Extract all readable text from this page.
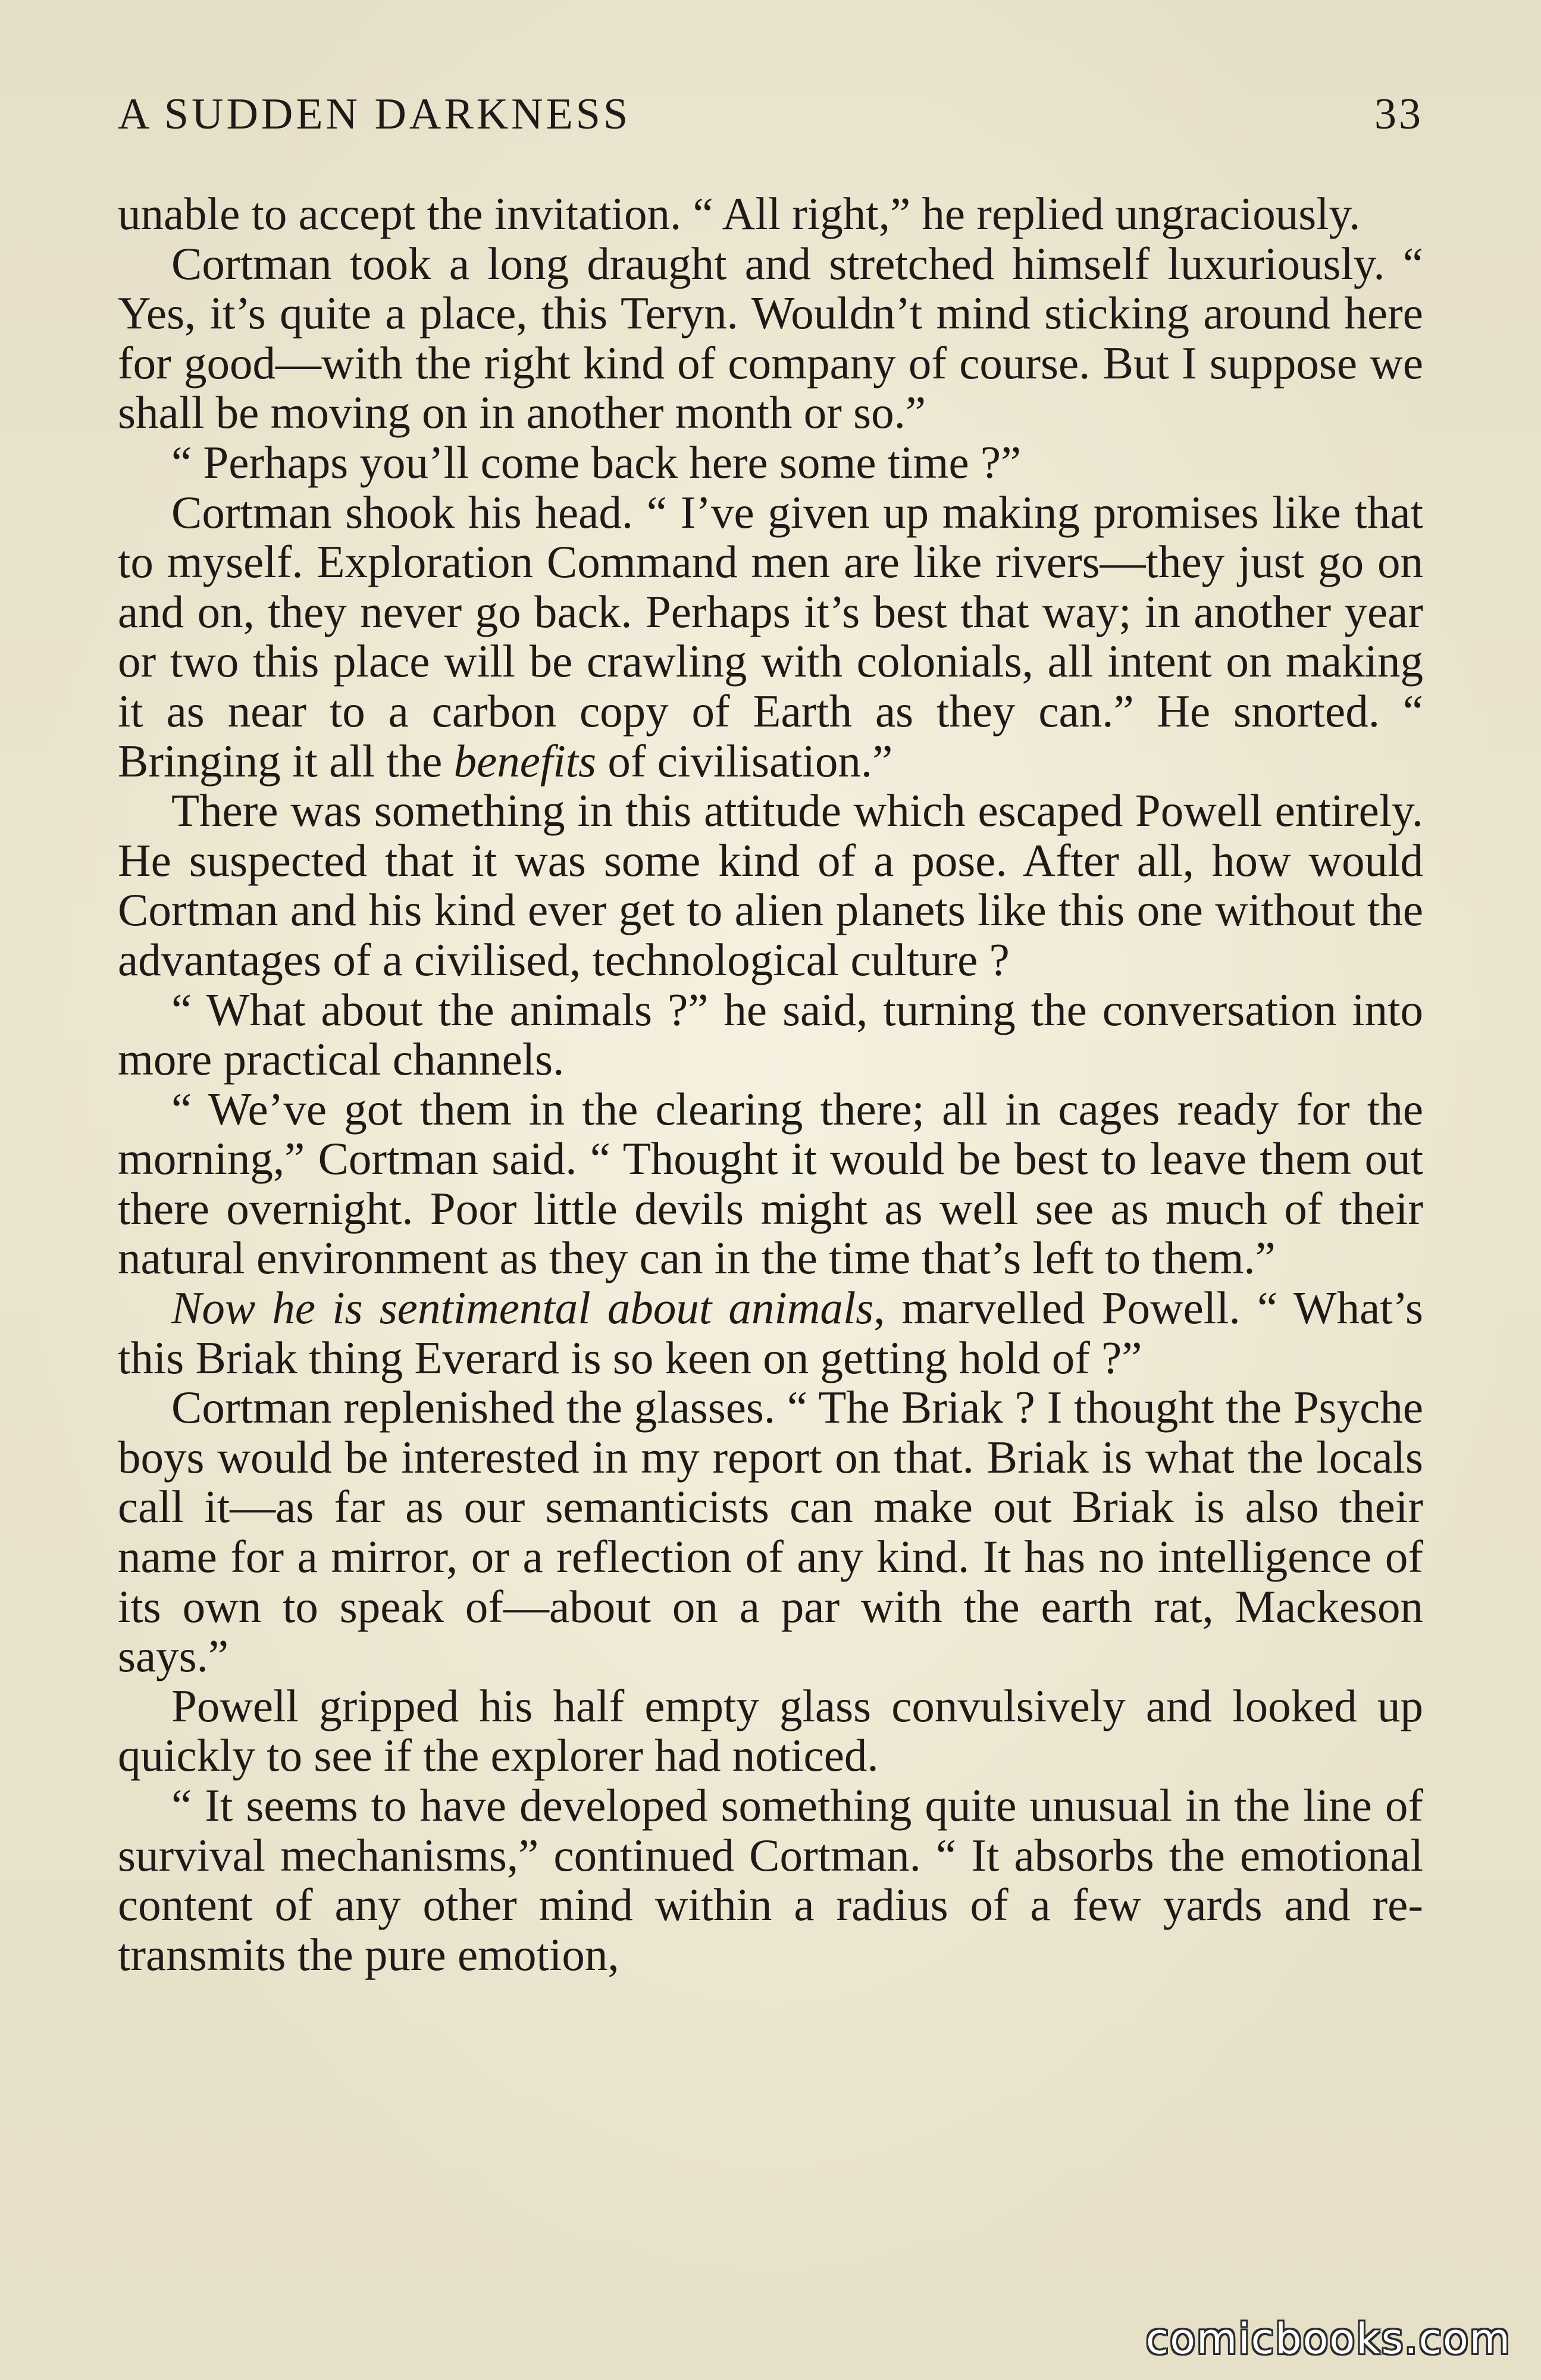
A SUDDEN DARKNESS	33

unable to accept the invitation. “ All right,” he replied ungraciously.

Cortman took a long draught and stretched himself luxuriously. “ Yes, it’s quite a place, this Teryn. Wouldn’t mind sticking around here for good—with the right kind of company of course. But I suppose we shall be moving on in another month or so.”

“ Perhaps you’ll come back here some time ?”

Cortman shook his head. “ I’ve given up making promises like that to myself. Exploration Command men are like rivers—they just go on and on, they never go back. Perhaps it’s best that way; in another year or two this place will be crawling with colonials, all intent on making it as near to a carbon copy of Earth as they can.” He snorted. “ Bringing it all the benefits of civilisation.”

There was something in this attitude which escaped Powell entirely. He suspected that it was some kind of a pose. After all, how would Cortman and his kind ever get to alien planets like this one without the advantages of a civilised, technological culture ?

“ What about the animals ?” he said, turning the conversation into more practical channels.

“ We’ve got them in the clearing there; all in cages ready for the morning,” Cortman said. “ Thought it would be best to leave them out there overnight. Poor little devils might as well see as much of their natural environment as they can in the time that’s left to them.”

Now he is sentimental about animals, marvelled Powell. “ What’s this Briak thing Everard is so keen on getting hold of ?”

Cortman replenished the glasses. “ The Briak ? I thought the Psyche boys would be interested in my report on that. Briak is what the locals call it—as far as our semanticists can make out Briak is also their name for a mirror, or a reflection of any kind. It has no intelligence of its own to speak of—about on a par with the earth rat, Mackeson says.”

Powell gripped his half empty glass convulsively and looked up quickly to see if the explorer had noticed.

“ It seems to have developed something quite unusual in the line of survival mechanisms,” continued Cortman. “ It absorbs the emotional content of any other mind within a radius of a few yards and re-transmits the pure emotion,

comicbooks.com
